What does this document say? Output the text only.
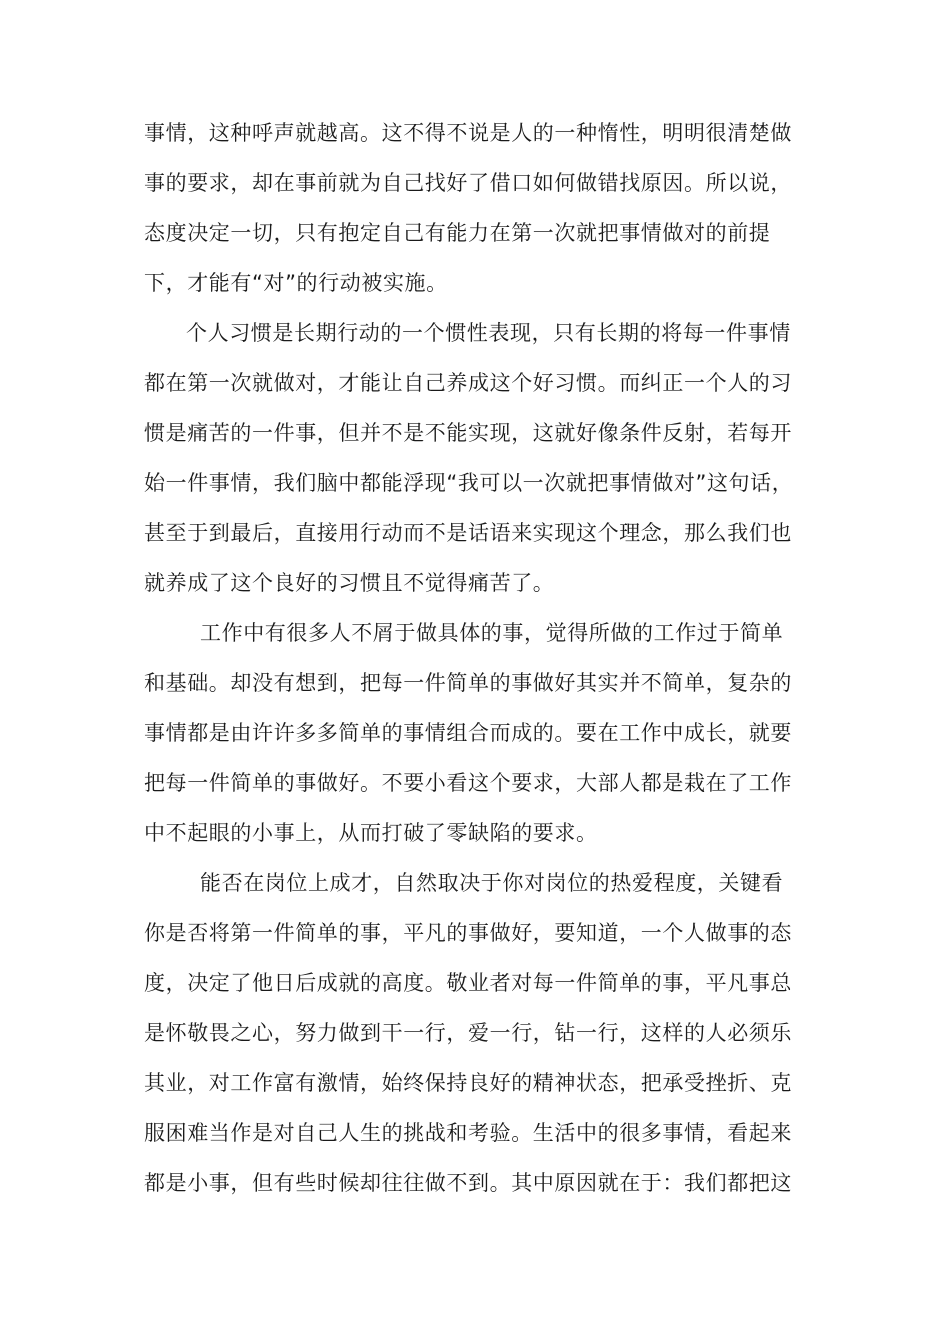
事情，这种呼声就越高。这不得不说是人的一种惰性，明明很清楚做
事的要求，却在事前就为自己找好了借口如何做错找原因。所以说，
态度决定一切，只有抱定自己有能力在第一次就把事情做对的前提
下，才能有“对”的行动被实施。
个人习惯是长期行动的一个惯性表现，只有长期的将每一件事情
都在第一次就做对，才能让自己养成这个好习惯。而纠正一个人的习
惯是痛苦的一件事，但并不是不能实现，这就好像条件反射，若每开
始一件事情，我们脑中都能浮现“我可以一次就把事情做对”这句话，
甚至于到最后，直接用行动而不是话语来实现这个理念，那么我们也
就养成了这个良好的习惯且不觉得痛苦了。
工作中有很多人不屑于做具体的事，觉得所做的工作过于简单
和基础。却没有想到，把每一件简单的事做好其实并不简单，复杂的
事情都是由许许多多简单的事情组合而成的。要在工作中成长，就要
把每一件简单的事做好。不要小看这个要求，大部人都是栽在了工作
中不起眼的小事上，从而打破了零缺陷的要求。
能否在岗位上成才，自然取决于你对岗位的热爱程度，关键看
你是否将第一件简单的事，平凡的事做好，要知道，一个人做事的态
度，决定了他日后成就的高度。敬业者对每一件简单的事，平凡事总
是怀敬畏之心，努力做到干一行，爱一行，钻一行，这样的人必须乐
其业，对工作富有激情，始终保持良好的精神状态，把承受挫折、克
服困难当作是对自己人生的挑战和考验。生活中的很多事情，看起来
都是小事，但有些时候却往往做不到。其中原因就在于：我们都把这
